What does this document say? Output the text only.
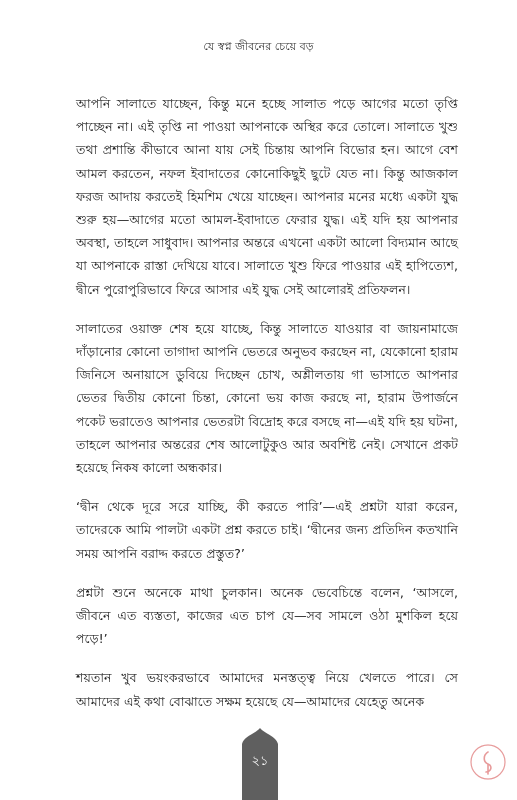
যে স্বপ্ন জীবনের চেয়ে বড়

আপনি সালাতে যাচ্ছেন, কিন্তু মনে হচ্ছে সালাত পড়ে আগের মতো তৃপ্তি পাচ্ছেন না। এই তৃপ্তি না পাওয়া আপনাকে অস্থির করে তোলে। সালাতে খুশু তথা প্রশান্তি কীভাবে আনা যায় সেই চিন্তায় আপনি বিভোর হন। আগে বেশ আমল করতেন, নফল ইবাদাতের কোনোকিছুই ছুটে যেত না। কিন্তু আজকাল ফরজ আদায় করতেই হিমশিম খেয়ে যাচ্ছেন। আপনার মনের মধ্যে একটা যুদ্ধ শুরু হয়—আগের মতো আমল-ইবাদাতে ফেরার যুদ্ধ। এই যদি হয় আপনার অবস্থা, তাহলে সাধুবাদ। আপনার অন্তরে এখনো একটা আলো বিদ্যমান আছে যা আপনাকে রাস্তা দেখিয়ে যাবে। সালাতে খুশু ফিরে পাওয়ার এই হাপিত্যেশ, দ্বীনে পুরোপুরিভাবে ফিরে আসার এই যুদ্ধ সেই আলোরই প্রতিফলন।

সালাতের ওয়াক্ত শেষ হয়ে যাচ্ছে, কিন্তু সালাতে যাওয়ার বা জায়নামাজে দাঁড়ানোর কোনো তাগাদা আপনি ভেতরে অনুভব করছেন না, যেকোনো হারাম জিনিসে অনায়াসে ডুবিয়ে দিচ্ছেন চোখ, অশ্লীলতায় গা ভাসাতে আপনার ভেতর দ্বিতীয় কোনো চিন্তা, কোনো ভয় কাজ করছে না, হারাম উপার্জনে পকেট ভরাতেও আপনার ভেতরটা বিদ্রোহ করে বসছে না—এই যদি হয় ঘটনা, তাহলে আপনার অন্তরের শেষ আলোটুকুও আর অবশিষ্ট নেই। সেখানে প্রকট হয়েছে নিকষ কালো অন্ধকার।

‘দ্বীন থেকে দূরে সরে যাচ্ছি, কী করতে পারি’—এই প্রশ্নটা যারা করেন, তাদেরকে আমি পালটা একটা প্রশ্ন করতে চাই। ‘দ্বীনের জন্য প্রতিদিন কতখানি সময় আপনি বরাদ্দ করতে প্রস্তুত?’

প্রশ্নটা শুনে অনেকে মাথা চুলকান। অনেক ভেবেচিন্তে বলেন, ‘আসলে, জীবনে এত ব্যস্ততা, কাজের এত চাপ যে—সব সামলে ওঠা মুশকিল হয়ে পড়ে!’

শয়তান খুব ভয়ংকরভাবে আমাদের মনস্তত্ত্ব নিয়ে খেলতে পারে। সে আমাদের এই কথা বোঝাতে সক্ষম হয়েছে যে—আমাদের যেহেতু অনেক

২১
